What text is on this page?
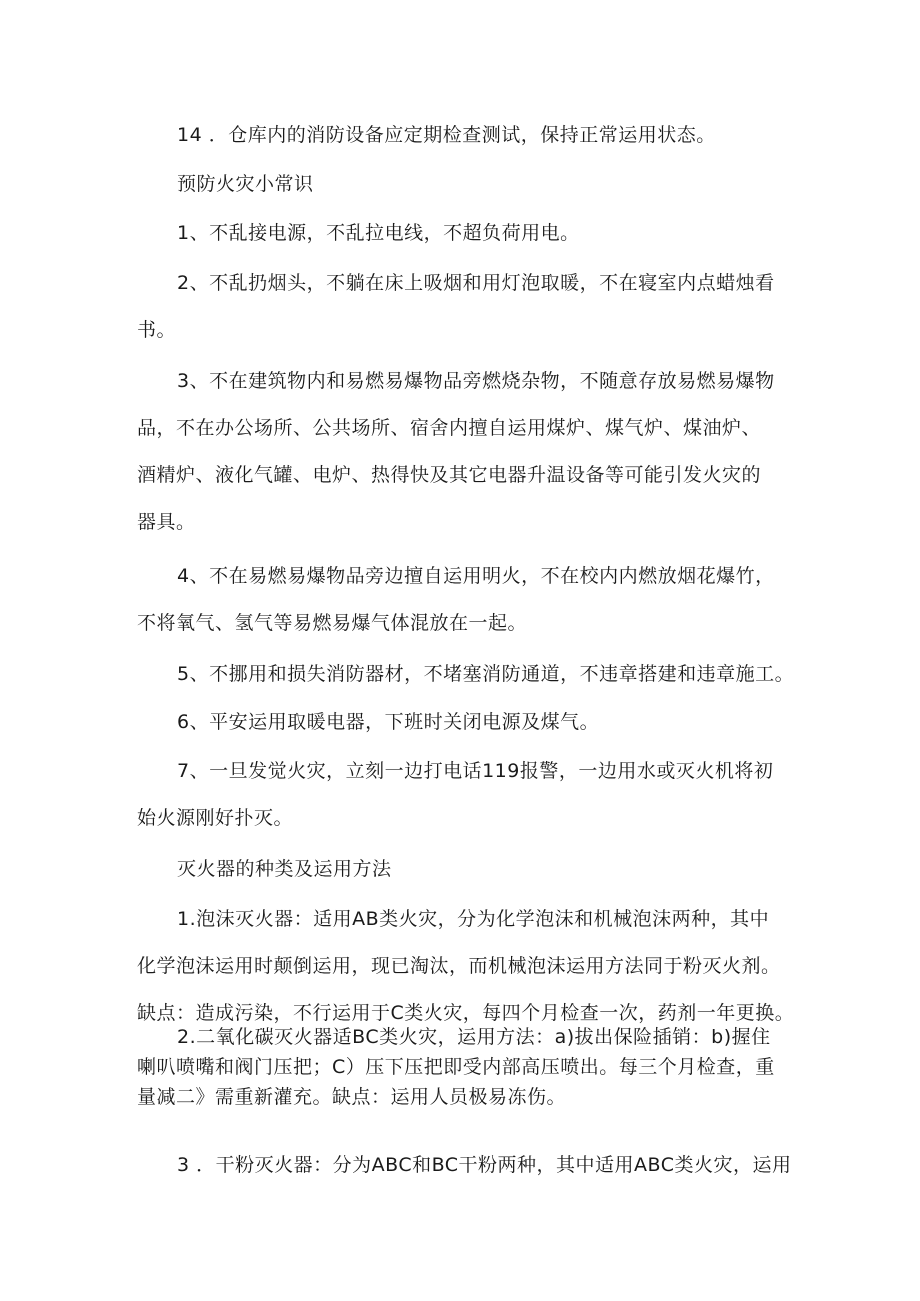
14 ．仓库内的消防设备应定期检查测试，保持正常运用状态。

预防火灾小常识

1、不乱接电源，不乱拉电线，不超负荷用电。

2、不乱扔烟头，不躺在床上吸烟和用灯泡取暖，不在寝室内点蜡烛看
书。

3、不在建筑物内和易燃易爆物品旁燃烧杂物，不随意存放易燃易爆物
品，不在办公场所、公共场所、宿舍内擅自运用煤炉、煤气炉、煤油炉、
酒精炉、液化气罐、电炉、热得快及其它电器升温设备等可能引发火灾的
器具。

4、不在易燃易爆物品旁边擅自运用明火，不在校内内燃放烟花爆竹，
不将氧气、氢气等易燃易爆气体混放在一起。

5、不挪用和损失消防器材，不堵塞消防通道，不违章搭建和违章施工。

6、平安运用取暖电器，下班时关闭电源及煤气。

7、一旦发觉火灾，立刻一边打电话119报警，一边用水或灭火机将初
始火源刚好扑灭。

灭火器的种类及运用方法

1.泡沫灭火器：适用AB类火灾，分为化学泡沫和机械泡沫两种，其中
化学泡沫运用时颠倒运用，现已淘汰，而机械泡沫运用方法同于粉灭火剂。
缺点：造成污染，不行运用于C类火灾，每四个月检查一次，药剂一年更换。

2.二氧化碳灭火器适BC类火灾，运用方法：a)拔出保险插销：b)握住
喇叭喷嘴和阀门压把；C）压下压把即受内部高压喷出。每三个月检查，重
量减二》需重新灌充。缺点：运用人员极易冻伤。

3 ．干粉灭火器：分为ABC和BC干粉两种，其中适用ABC类火灾，运用
